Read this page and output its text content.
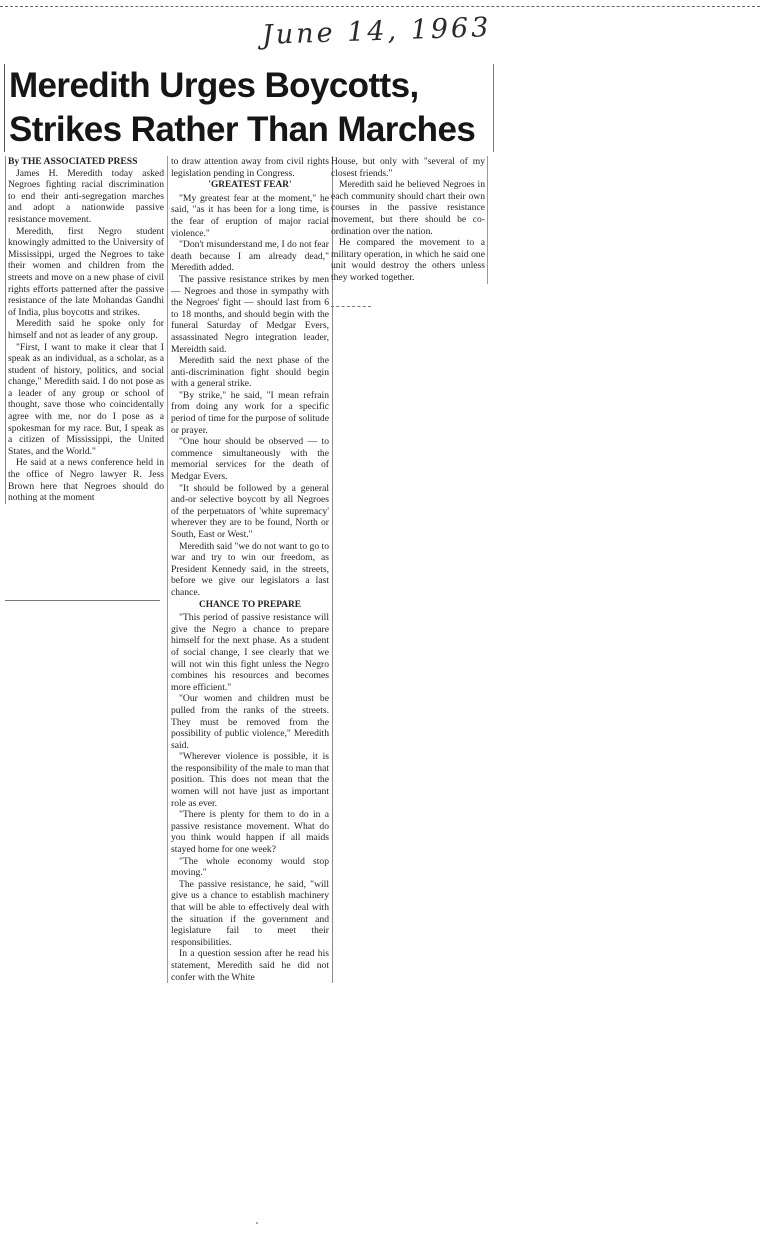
June 14, 1963
Meredith Urges Boycotts,
Strikes Rather Than Marches
By THE ASSOCIATED PRESS

James H. Meredith today asked Negroes fighting racial discrimination to end their anti-segregation marches and adopt a nationwide passive resistance movement.

Meredith, first Negro student knowingly admitted to the University of Mississippi, urged the Negroes to take their women and children from the streets and move on a new phase of civil rights efforts patterned after the passive resistance of the late Mohandas Gandhi of India, plus boycotts and strikes.

Meredith said he spoke only for himself and not as leader of any group.

"First, I want to make it clear that I speak as an individual, as a scholar, as a student of history, politics, and social change," Meredith said. I do not pose as a leader of any group or school of thought, save those who coincidentally agree with me, nor do I pose as a spokesman for my race. But, I speak as a citizen of Mississippi, the United States, and the World."

He said at a news conference held in the office of Negro lawyer R. Jess Brown here that Negroes should do nothing at the moment

to draw attention away from civil rights legislation pending in Congress.

'GREATEST FEAR'

"My greatest fear at the moment," he said, "as it has been for a long time, is the fear of eruption of major racial violence."

"Don't misunderstand me, I do not fear death because I am already dead," Meredith added.

The passive resistance strikes by men — Negroes and those in sympathy with the Negroes' fight — should last from 6 to 18 months, and should begin with the funeral Saturday of Medgar Evers, assassinated Negro integration leader, Mereidth said.

Meredith said the next phase of the anti-discrimination fight should begin with a general strike.

"By strike," he said, "I mean refrain from doing any work for a specific period of time for the purpose of solitude or prayer.

"One hour should be observed — to commence simultaneously with the memorial services for the death of Medgar Evers.

"It should be followed by a general and-or selective boycott by all Negroes of the perpetuators of 'white supremacy' wherever they are to be found, North or South, East or West."

Meredith said "we do not want to go to war and try to win our freedom, as President Kennedy said, in the streets, before we give our legislators a last chance.

CHANCE TO PREPARE

"This period of passive resistance will give the Negro a chance to prepare himself for the next phase. As a student of social change, I see clearly that we will not win this fight unless the Negro combines his resources and becomes more efficient."

"Our women and children must be pulled from the ranks of the streets. They must be removed from the possibility of public violence," Meredith said.

"Wherever violence is possible, it is the responsibility of the male to man that position. This does not mean that the women will not have just as important role as ever.

"There is plenty for them to do in a passive resistance movement. What do you think would happen if all maids stayed home for one week?

"The whole economy would stop moving."

The passive resistance, he said, "will give us a chance to establish machinery that will be able to effectively deal with the situation if the government and legislature fail to meet their responsibilities.

In a question session after he read his statement, Meredith said he did not confer with the White

House, but only with "several of my closest friends."

Meredith said he believed Negroes in each community should chart their own courses in the passive resistance movement, but there should be co-ordination over the nation.

He compared the movement to a military operation, in which he said one unit would destroy the others unless they worked together.
